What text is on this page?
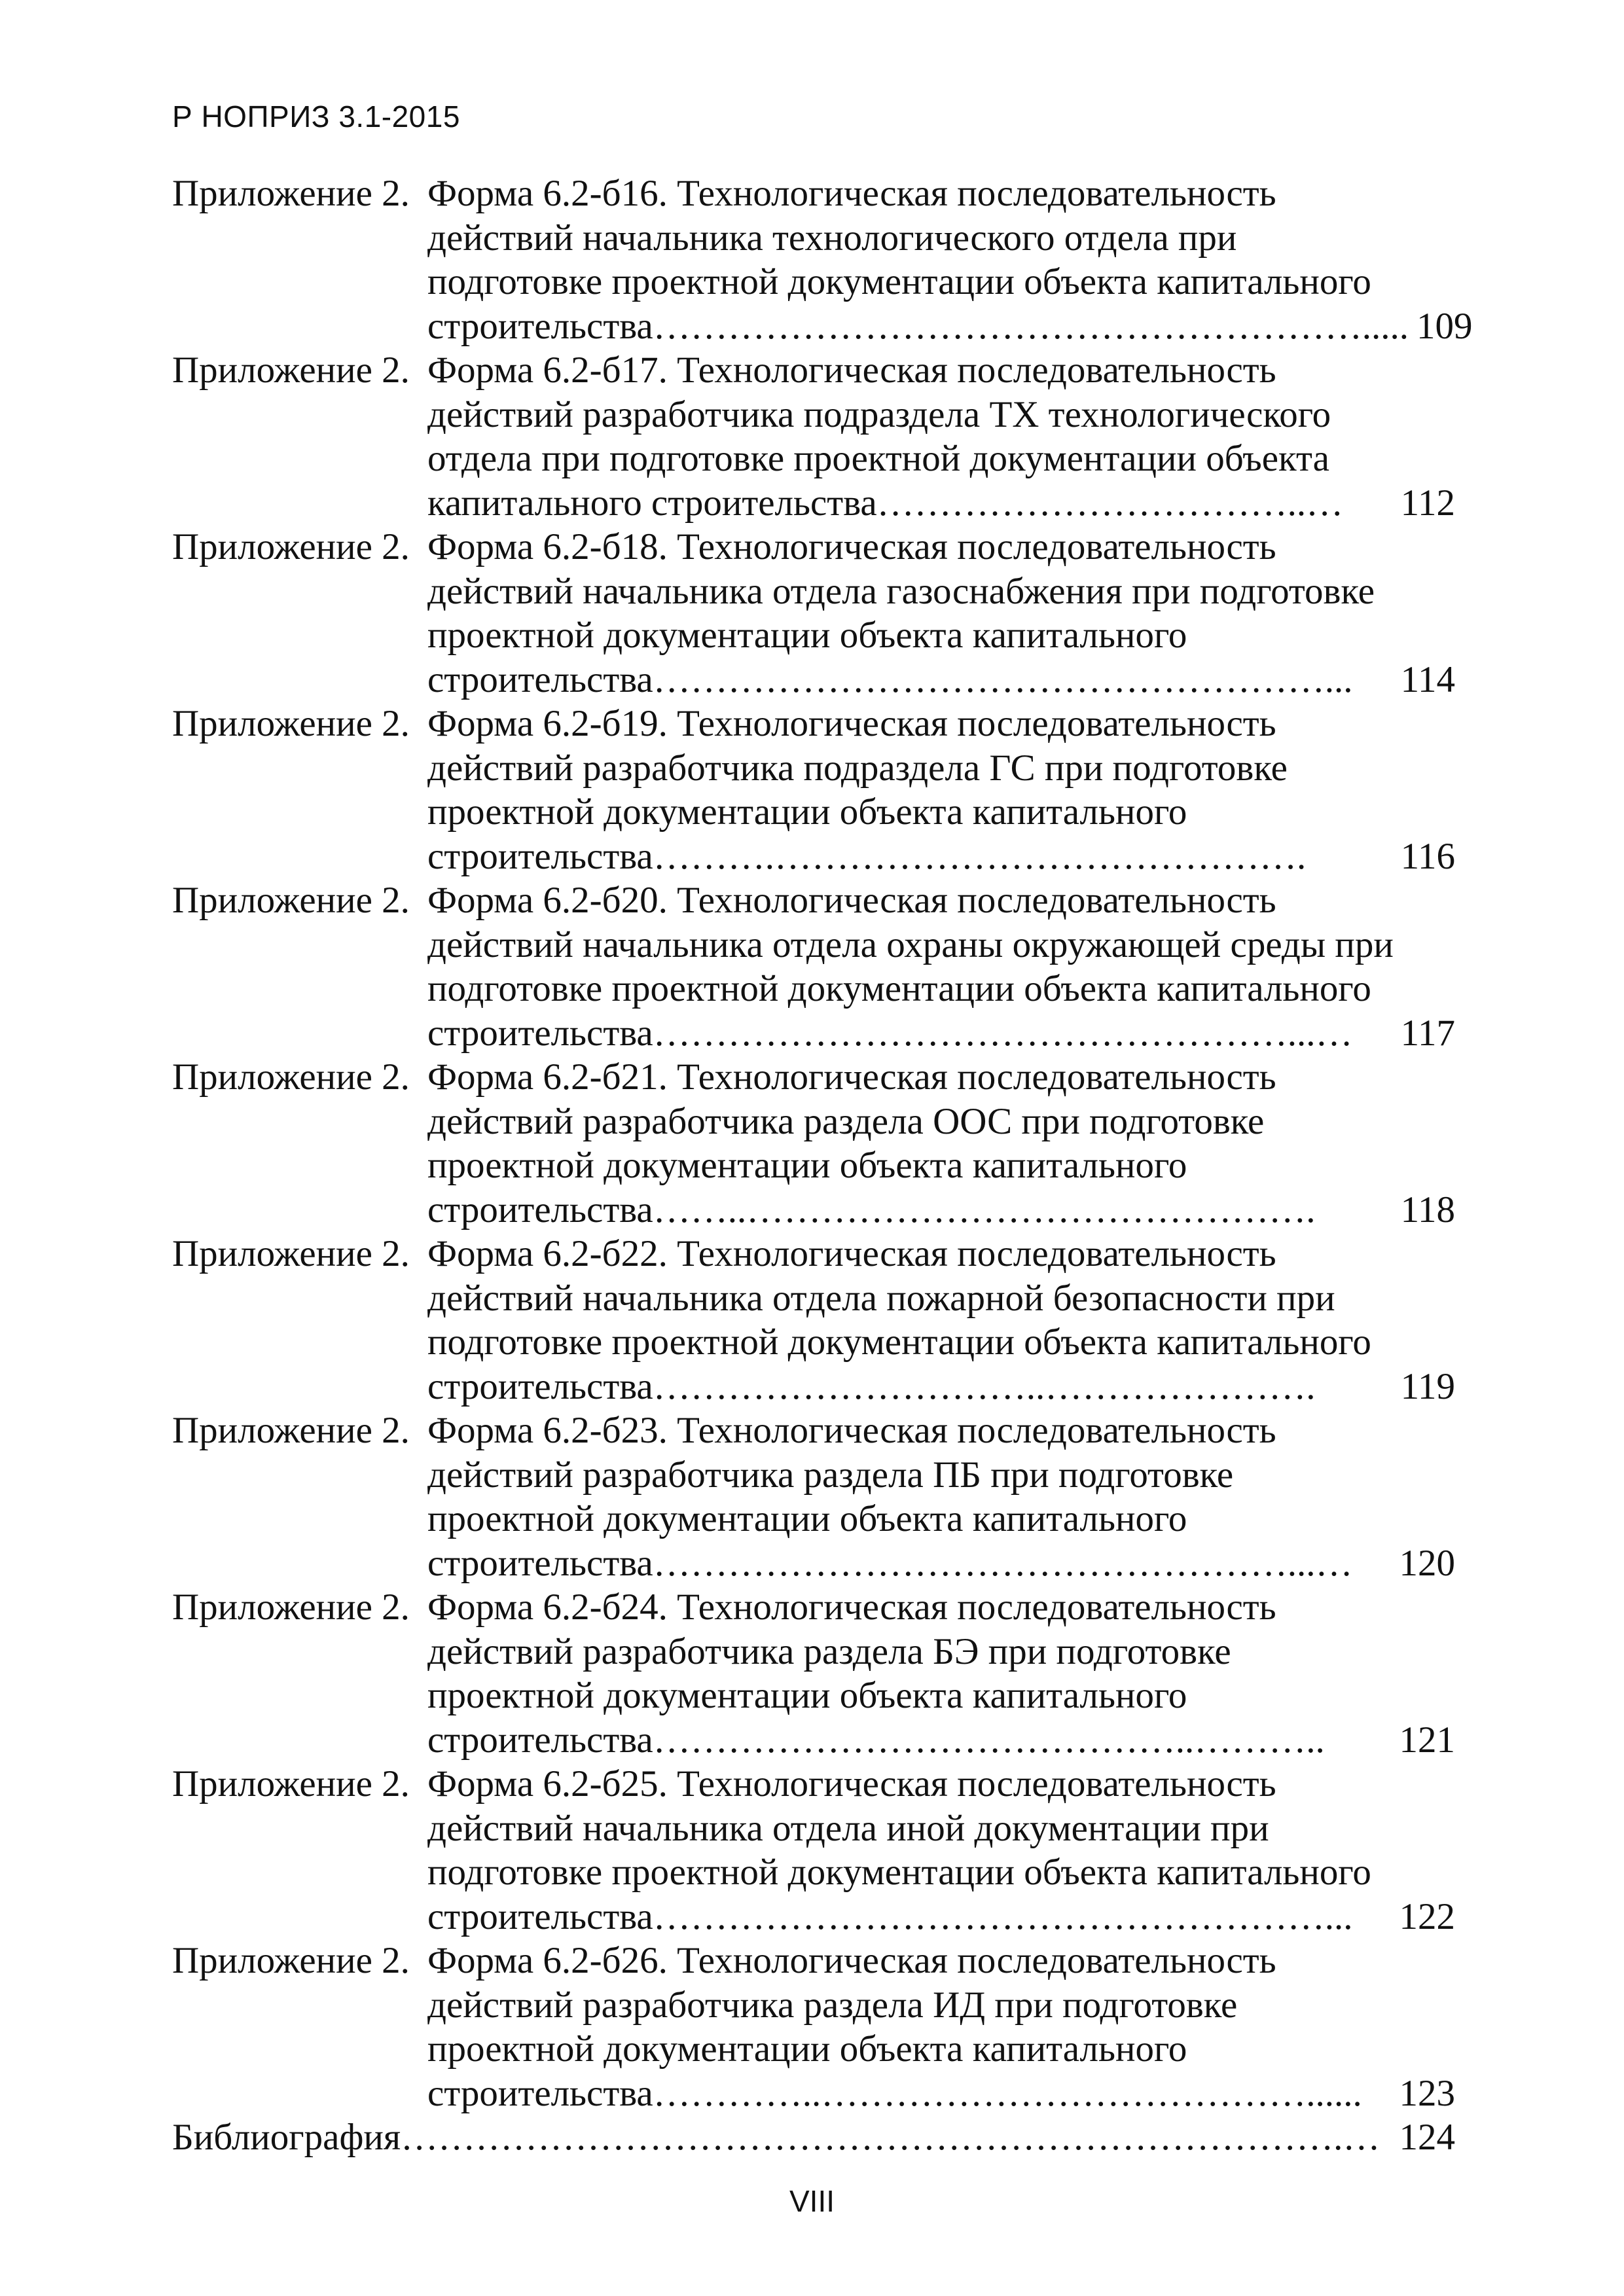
Р НОПРИЗ 3.1-2015
Приложение 2. Форма 6.2-б16. Технологическая последовательность
действий начальника технологического отдела при
подготовке проектной документации объекта капитального
строительства…………………………………………………..... 109
Приложение 2. Форма 6.2-б17. Технологическая последовательность
действий разработчика подраздела ТХ технологического
отдела при подготовке проектной документации объекта
капитального строительства……………………………..… 112
Приложение 2. Форма 6.2-б18. Технологическая последовательность
действий начальника отдела газоснабжения при подготовке
проектной документации объекта капитального
строительства………………………………………………... 114
Приложение 2. Форма 6.2-б19. Технологическая последовательность
действий разработчика подраздела ГС при подготовке
проектной документации объекта капитального
строительства……….…………………………………….	116
Приложение 2. Форма 6.2-б20. Технологическая последовательность
действий начальника отдела охраны окружающей среды при
подготовке проектной документации объекта капитального
строительства……………………………………………...… 117
Приложение 2. Форма 6.2-б21. Технологическая последовательность
действий разработчика раздела ООС при подготовке
проектной документации объекта капитального
строительства……..………………………………………. 118
Приложение 2. Форма 6.2-б22. Технологическая последовательность
действий начальника отдела пожарной безопасности при
подготовке проектной документации объекта капитального
строительства…………………………..…………………. 119
Приложение 2. Форма 6.2-б23. Технологическая последовательность
действий разработчика раздела ПБ при подготовке
проектной документации объекта капитального
строительства……………………………………………...… 120
Приложение 2. Форма 6.2-б24. Технологическая последовательность
действий разработчика раздела БЭ при подготовке
проектной документации объекта капитального
строительства……………………………………..……….. 121
Приложение 2. Форма 6.2-б25. Технологическая последовательность
действий начальника отдела иной документации при
подготовке проектной документации объекта капитального
строительства………………………………………………... 122
Приложение 2. Форма 6.2-б26. Технологическая последовательность
действий разработчика раздела ИД при подготовке
проектной документации объекта капитального
строительства…………..…………………………………...... 123
Библиография………………………………………………………………….… 124
VIII
